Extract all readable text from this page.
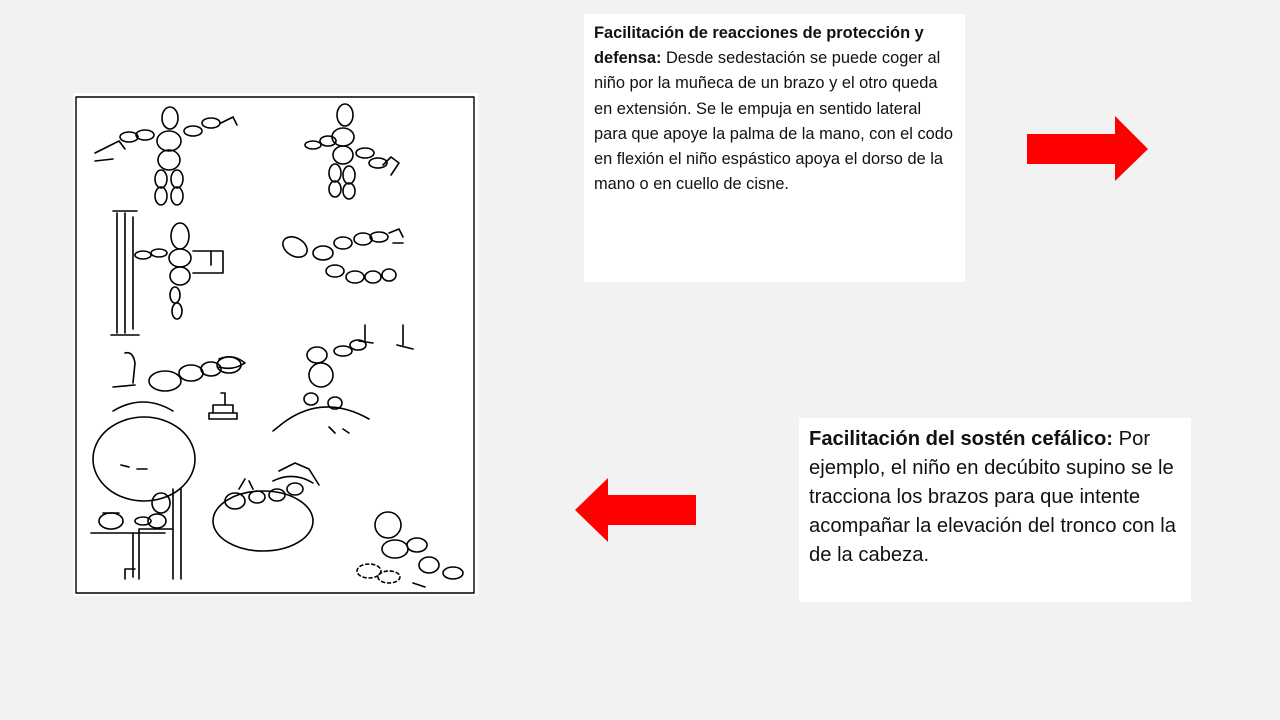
Facilitación de reacciones de protección y defensa: Desde sedestación se puede coger al niño por la muñeca de un brazo y el otro queda en extensión. Se le empuja en sentido lateral para que apoye la palma de la mano, con el codo en flexión el niño espástico apoya el dorso de la mano o en cuello de cisne.
Facilitación del sostén cefálico: Por ejemplo, el niño en decúbito supino se le tracciona los brazos para que intente acompañar la elevación del tronco con la de la cabeza.
